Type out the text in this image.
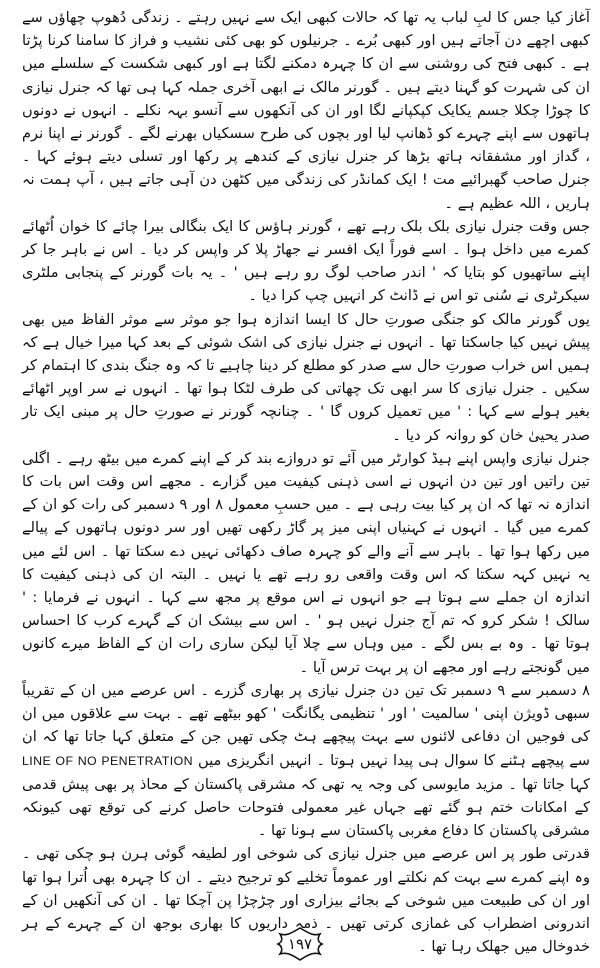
آغاز کیا جس کا لبِ لباب یہ تھا کہ حالات کبھی ایک سے نہیں رہتے ۔ زندگی دُھوپ چھاؤں سے کبھی اچھے دن آجاتے ہیں اور کبھی بُرے ۔ جرنیلوں کو بھی کئی نشیب و فراز کا سامنا کرنا پڑتا ہے ۔ کبھی فتح کی روشنی سے ان کا چہرہ دمکنے لگتا ہے اور کبھی شکست کے سلسلے میں ان کی شہرت کو گہنا دیتے ہیں ۔ گورنر مالک نے ابھی آخری جملہ کہا ہی تھا کہ جنرل نیازی کا چوڑا چکلا جسم یکایک کپکپانے لگا اور ان کی آنکھوں سے آنسو بہہ نکلے ۔ انہوں نے دونوں ہاتھوں سے اپنے چہرے کو ڈھانپ لیا اور بچوں کی طرح سسکیاں بھرنے لگے ۔ گورنر نے اپنا نرم ، گداز اور مشفقانہ ہاتھ بڑھا کر جنرل نیازی کے کندھے پر رکھا اور تسلی دیتے ہوئے کہا ۔ جنرل صاحب گھبرائیے مت ! ایک کمانڈر کی زندگی میں کٹھن دن آہی جاتے ہیں ، آپ ہمت نہ ہاریں ، اللہ عظیم ہے ۔

جس وقت جنرل نیازی بلک بلک رہے تھے ، گورنر ہاؤس کا ایک بنگالی بیرا چائے کا خوان اُٹھائے کمرے میں داخل ہوا ۔ اسے فوراً ایک افسر نے جھاڑ پلا کر واپس کر دیا ۔ اس نے باہر جا کر اپنے ساتھیوں کو بتایا کہ ' اندر صاحب لوگ رو رہے ہیں ' ۔ یہ بات گورنر کے پنجابی ملٹری سیکرٹری نے سُنی تو اس نے ڈانٹ کر انہیں چپ کرا دیا ۔

یوں گورنر مالک کو جنگی صورتِ حال کا ایسا اندازہ ہوا جو موثر سے موثر الفاظ میں بھی پیش نہیں کیا جاسکتا تھا ۔ انہوں نے جنرل نیازی کی اشک شوئی کے بعد کہا میرا خیال ہے کہ ہمیں اس خراب صورتِ حال سے صدر کو مطلع کر دینا چاہیے تا کہ وہ جنگ بندی کا اہتمام کر سکیں ۔ جنرل نیازی کا سر ابھی تک چھاتی کی طرف لٹکا ہوا تھا ۔ انہوں نے سر اوپر اٹھائے بغیر ہولے سے کہا : ' میں تعمیل کروں گا ' ۔ چنانچہ گورنر نے صورتِ حال پر مبنی ایک تار صدر یحییٰ خان کو روانہ کر دیا ۔

جنرل نیازی واپس اپنے ہیڈ کوارٹر میں آئے تو دروازے بند کر کے اپنے کمرے میں بیٹھ رہے ۔ اگلی تین راتیں اور تین دن انہوں نے اسی ذہنی کیفیت میں گزارے ۔ مجھے اس وقت اس بات کا اندازہ نہ تھا کہ ان پر کیا بیت رہی ہے ۔ میں حسبِ معمول ۸ اور ۹ دسمبر کی رات کو ان کے کمرے میں گیا ۔ انہوں نے کہنیاں اپنی میز پر گاڑ رکھی تھیں اور سر دونوں ہاتھوں کے پیالے میں رکھا ہوا تھا ۔ باہر سے آنے والے کو چہرہ صاف دکھائی نہیں دے سکتا تھا ۔ اس لئے میں یہ نہیں کہہ سکتا کہ اس وقت واقعی رو رہے تھے یا نہیں ۔ البتہ ان کی ذہنی کیفیت کا اندازہ ان جملے سے ہوتا ہے جو انہوں نے اس موقع پر مجھ سے کہا ۔ انہوں نے فرمایا : ' سالک ! شکر کرو کہ تم آج جنرل نہیں ہو ' ۔ اس سے بیشک ان کے گہرے کرب کا احساس ہوتا تھا ۔ وہ بے بس لگے ۔ میں وہاں سے چلا آیا لیکن ساری رات ان کے الفاظ میرے کانوں میں گونجتے رہے اور مجھے ان پر بہت ترس آیا ۔

۸ دسمبر سے ۹ دسمبر تک تین دن جنرل نیازی پر بھاری گزرے ۔ اس عرصے میں ان کے تقریباً سبھی ڈویژن اپنی ' سالمیت ' اور ' تنظیمی یگانگت ' کھو بیٹھے تھے ۔ بہت سے علاقوں میں ان کی فوجیں ان دفاعی لائنوں سے بہت پیچھے ہٹ چکی تھیں جن کے متعلق کہا جاتا تھا کہ ان سے پیچھے ہٹنے کا سوال ہی پیدا نہیں ہوتا ۔ انہیں انگریزی میں LINE OF NO PENETRATION کہا جاتا تھا ۔ مزید مایوسی کی وجہ یہ تھی کہ مشرقی پاکستان کے محاذ پر بھی پیش قدمی کے امکانات ختم ہو گئے تھے جہاں غیر معمولی فتوحات حاصل کرنے کی توقع تھی کیونکہ مشرقی پاکستان کا دفاع مغربی پاکستان سے ہونا تھا ۔

قدرتی طور پر اس عرصے میں جنرل نیازی کی شوخی اور لطیفہ گوئی ہرن ہو چکی تھی ۔ وہ اپنے کمرے سے بہت کم نکلتے اور عموماً تخلیے کو ترجیح دیتے ۔ ان کا چہرہ بھی اُترا ہوا تھا اور ان کی طبیعت میں شوخی کے بجائے بیزاری اور چڑچڑا پن آچکا تھا ۔ ان کی آنکھیں ان کے اندرونی اضطراب کی غمازی کرتی تھیں ۔ ذمہ داریوں کا بھاری بوجھ ان کے چہرے کے ہر خدوخال میں جھلک رہا تھا ۔

۱۹۷
